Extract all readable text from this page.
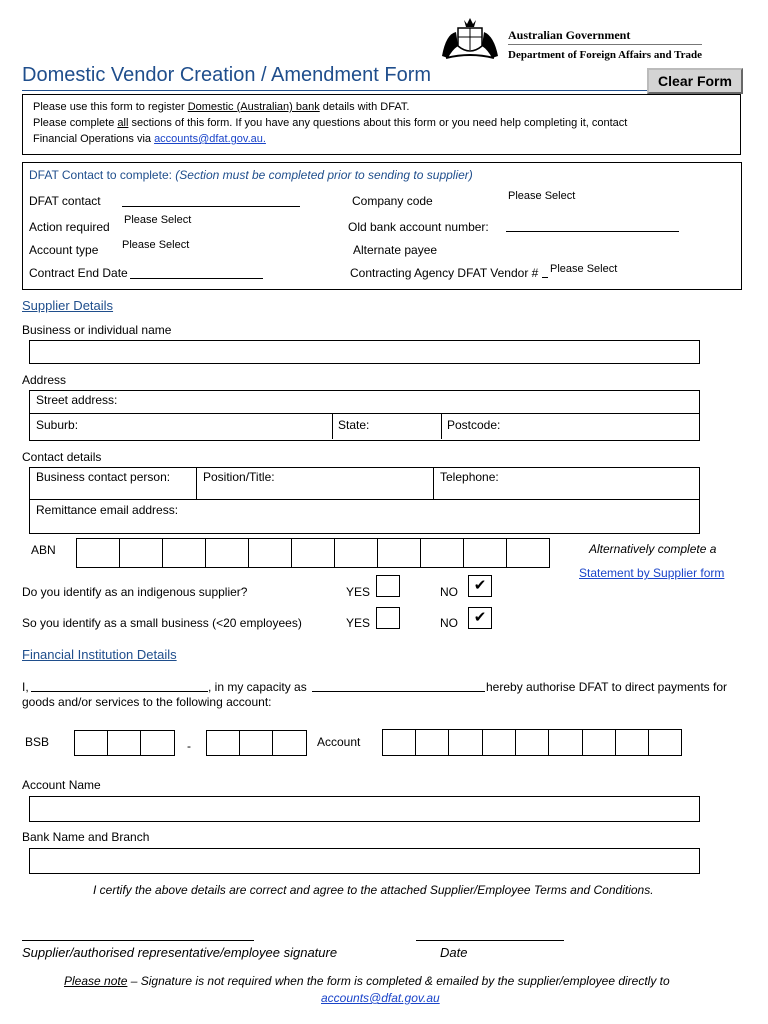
Australian Government
Department of Foreign Affairs and Trade
Domestic Vendor Creation / Amendment Form	Clear Form
Please use this form to register Domestic (Australian) bank details with DFAT.
Please complete all sections of this form. If you have any questions about this form or you need help completing it, contact
Financial Operations via accounts@dfat.gov.au.
DFAT Contact to complete: (Section must be completed prior to sending to supplier)
DFAT contact	Company code	Please Select
Action required Please Select	Old bank account number:
Account type Please Select	Alternate payee
Contract End Date	Contracting Agency DFAT Vendor # Please Select
Supplier Details
Business or individual name
Address
Street address:
Suburb:	State:	Postcode:
Contact details
Business contact person:	Position/Title:	Telephone:
Remittance email address:
ABN	Alternatively complete a
Statement by Supplier form
Do you identify as an indigenous supplier?	YES	NO	✔
So you identify as a small business (<20 employees)	YES	NO	✔
Financial Institution Details
I,	, in my capacity as	hereby authorise DFAT to direct payments for
goods and/or services to the following account:
BSB	-	Account
Account Name
Bank Name and Branch
I certify the above details are correct and agree to the attached Supplier/Employee Terms and Conditions.
Supplier/authorised representative/employee signature	Date
Please note – Signature is not required when the form is completed & emailed by the supplier/employee directly to
accounts@dfat.gov.au
